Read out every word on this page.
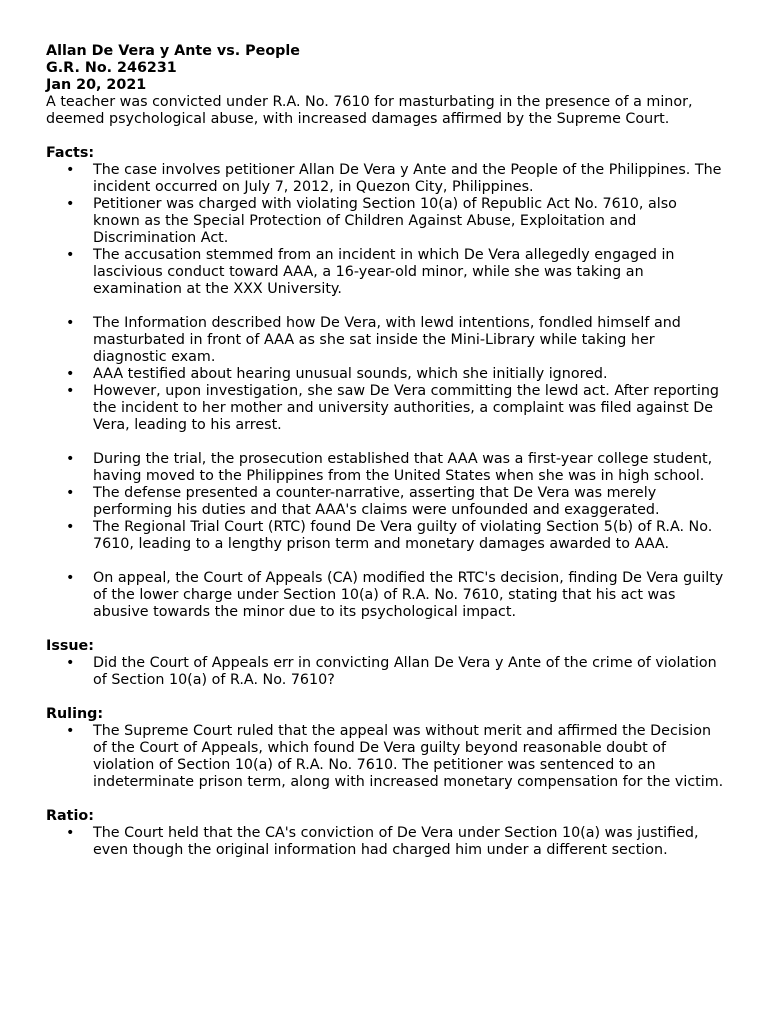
Allan De Vera y Ante vs. People

G.R. No. 246231

Jan 20, 2021

A teacher was convicted under R.A. No. 7610 for masturbating in the presence of a minor, deemed psychological abuse, with increased damages affirmed by the Supreme Court.

Facts:

• The case involves petitioner Allan De Vera y Ante and the People of the Philippines. The incident occurred on July 7, 2012, in Quezon City, Philippines.
• Petitioner was charged with violating Section 10(a) of Republic Act No. 7610, also known as the Special Protection of Children Against Abuse, Exploitation and Discrimination Act.
• The accusation stemmed from an incident in which De Vera allegedly engaged in lascivious conduct toward AAA, a 16-year-old minor, while she was taking an examination at the XXX University.
• The Information described how De Vera, with lewd intentions, fondled himself and masturbated in front of AAA as she sat inside the Mini-Library while taking her diagnostic exam.
• AAA testified about hearing unusual sounds, which she initially ignored.
• However, upon investigation, she saw De Vera committing the lewd act. After reporting the incident to her mother and university authorities, a complaint was filed against De Vera, leading to his arrest.
• During the trial, the prosecution established that AAA was a first-year college student, having moved to the Philippines from the United States when she was in high school.
• The defense presented a counter-narrative, asserting that De Vera was merely performing his duties and that AAA's claims were unfounded and exaggerated.
• The Regional Trial Court (RTC) found De Vera guilty of violating Section 5(b) of R.A. No. 7610, leading to a lengthy prison term and monetary damages awarded to AAA.
• On appeal, the Court of Appeals (CA) modified the RTC's decision, finding De Vera guilty of the lower charge under Section 10(a) of R.A. No. 7610, stating that his act was abusive towards the minor due to its psychological impact.

Issue:

• Did the Court of Appeals err in convicting Allan De Vera y Ante of the crime of violation of Section 10(a) of R.A. No. 7610?

Ruling:

• The Supreme Court ruled that the appeal was without merit and affirmed the Decision of the Court of Appeals, which found De Vera guilty beyond reasonable doubt of violation of Section 10(a) of R.A. No. 7610. The petitioner was sentenced to an indeterminate prison term, along with increased monetary compensation for the victim.

Ratio:

• The Court held that the CA's conviction of De Vera under Section 10(a) was justified, even though the original information had charged him under a different section.
